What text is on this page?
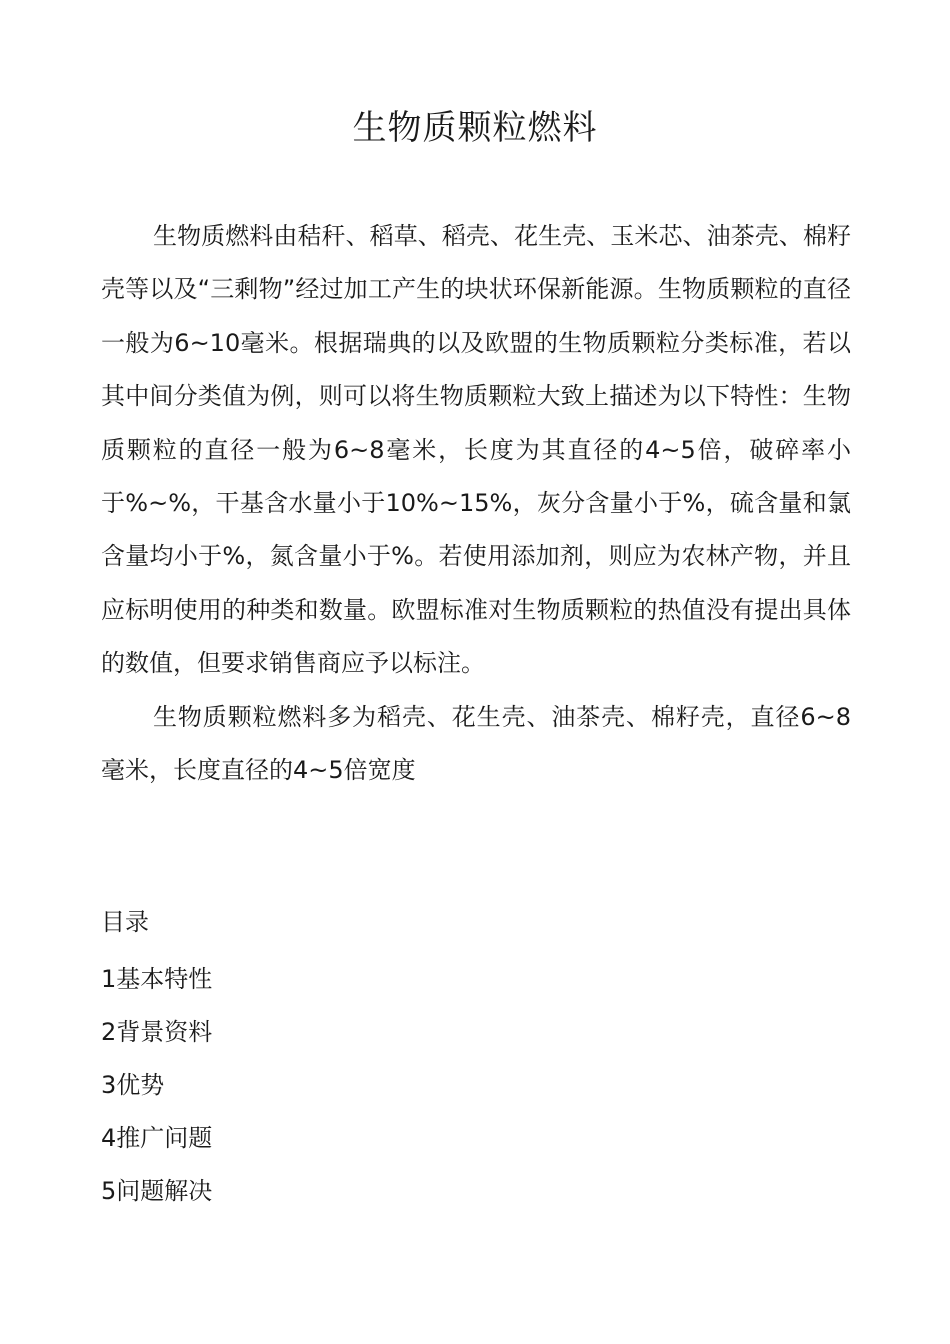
生物质颗粒燃料

生物质燃料由秸秆、稻草、稻壳、花生壳、玉米芯、油茶壳、棉籽壳等以及“三剩物”经过加工产生的块状环保新能源。生物质颗粒的直径一般为6~10毫米。根据瑞典的以及欧盟的生物质颗粒分类标准，若以其中间分类值为例，则可以将生物质颗粒大致上描述为以下特性：生物质颗粒的直径一般为6~8毫米，长度为其直径的4~5倍，破碎率小于%~%，干基含水量小于10%~15%，灰分含量小于%，硫含量和氯含量均小于%，氮含量小于%。若使用添加剂，则应为农林产物，并且应标明使用的种类和数量。欧盟标准对生物质颗粒的热值没有提出具体的数值，但要求销售商应予以标注。

生物质颗粒燃料多为稻壳、花生壳、油茶壳、棉籽壳，直径6~8毫米，长度直径的4~5倍宽度

目录
1基本特性
2背景资料
3优势
4推广问题
5问题解决
